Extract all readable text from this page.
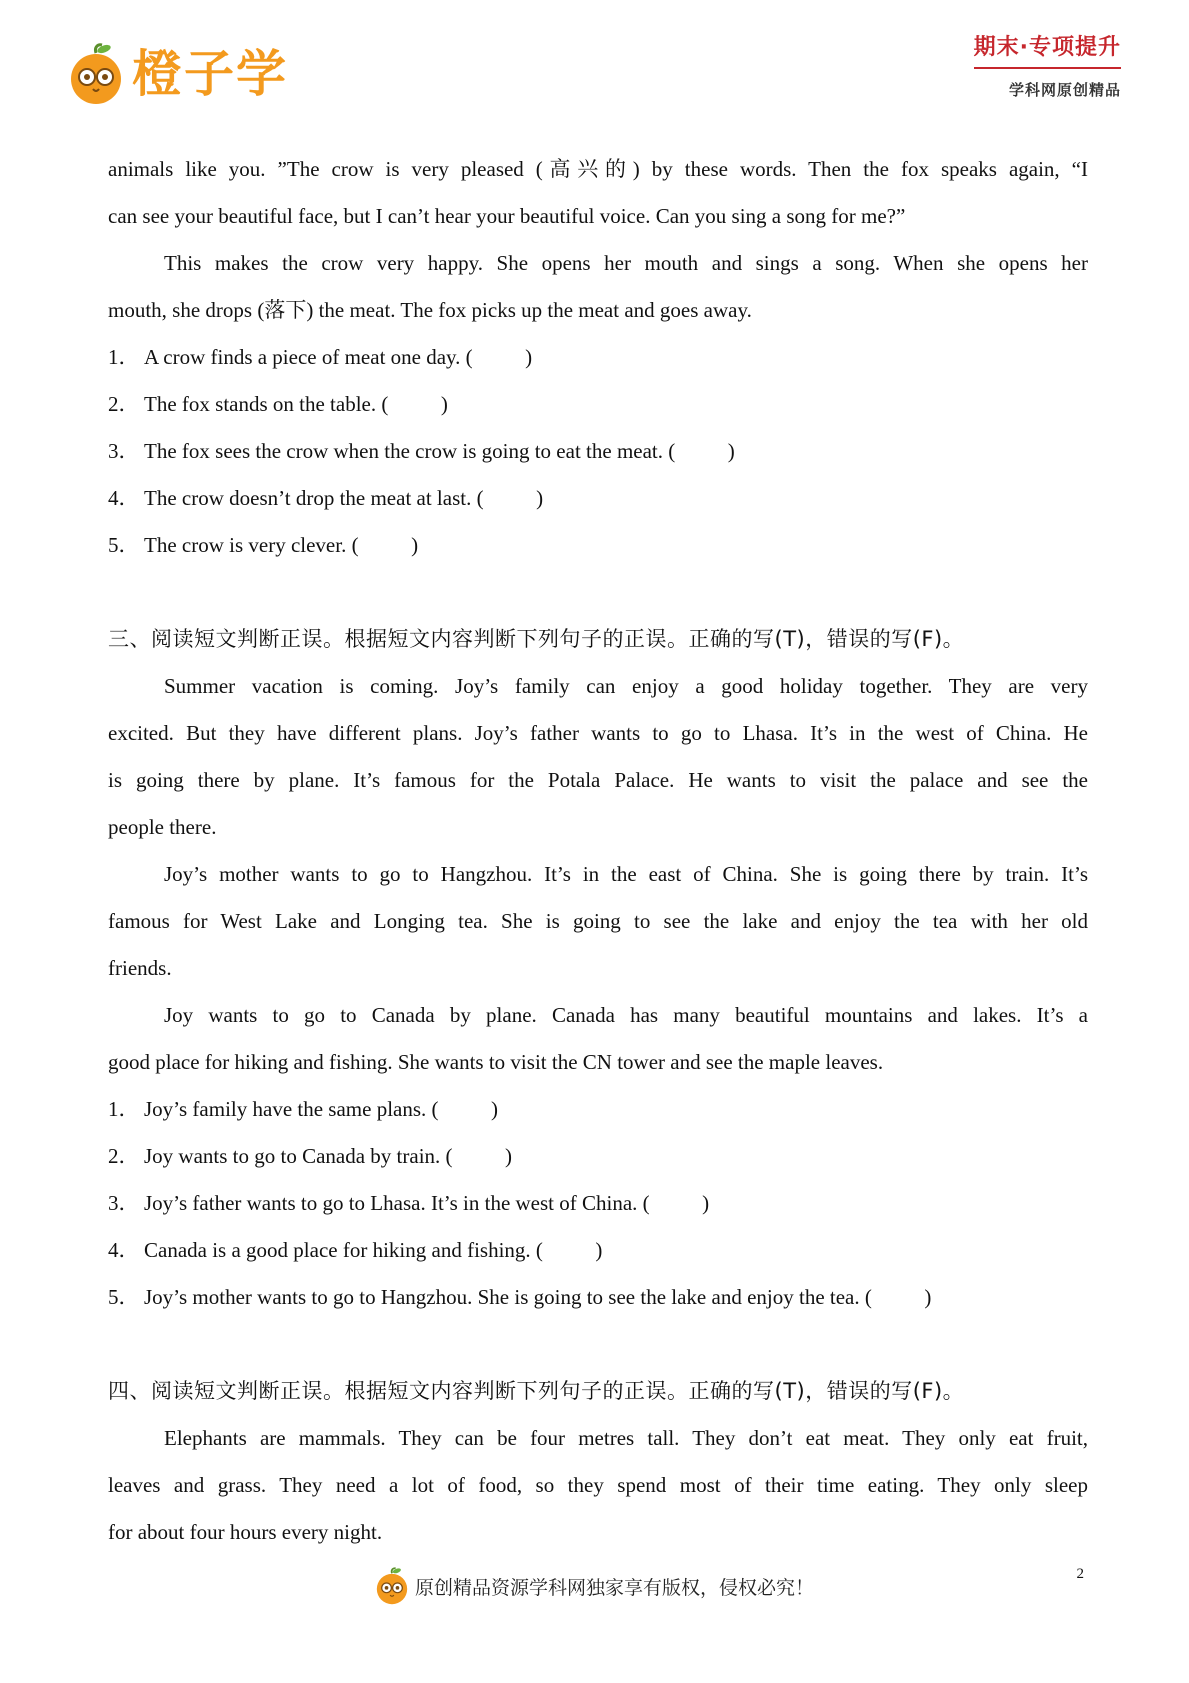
橙子学	期末·专项提升
学科网原创精品
animals like you. ”The crow is very pleased (高兴的) by these words. Then the fox speaks again, “I
can see your beautiful face, but I can’t hear your beautiful voice. Can you sing a song for me?”
This makes the crow very happy. She opens her mouth and sings a song. When she opens her
mouth, she drops (落下) the meat. The fox picks up the meat and goes away.
1． A crow finds a piece of meat one day. (          )
2． The fox stands on the table. (          )
3． The fox sees the crow when the crow is going to eat the meat. (          )
4． The crow doesn’t drop the meat at last. (          )
5． The crow is very clever. (          )
三、阅读短文判断正误。根据短文内容判断下列句子的正误。正确的写(T)，错误的写(F)。
Summer vacation is coming. Joy’s family can enjoy a good holiday together. They are very
excited. But they have different plans. Joy’s father wants to go to Lhasa. It’s in the west of China. He
is going there by plane. It’s famous for the Potala Palace. He wants to visit the palace and see the
people there.
Joy’s mother wants to go to Hangzhou. It’s in the east of China. She is going there by train. It’s
famous for West Lake and Longing tea. She is going to see the lake and enjoy the tea with her old
friends.
Joy wants to go to Canada by plane. Canada has many beautiful mountains and lakes. It’s a
good place for hiking and fishing. She wants to visit the CN tower and see the maple leaves.
1． Joy’s family have the same plans. (          )
2． Joy wants to go to Canada by train. (          )
3． Joy’s father wants to go to Lhasa. It’s in the west of China. (          )
4． Canada is a good place for hiking and fishing. (          )
5． Joy’s mother wants to go to Hangzhou. She is going to see the lake and enjoy the tea. (          )
四、阅读短文判断正误。根据短文内容判断下列句子的正误。正确的写(T)，错误的写(F)。
Elephants are mammals. They can be four metres tall. They don’t eat meat. They only eat fruit,
leaves and grass. They need a lot of food, so they spend most of their time eating. They only sleep
for about four hours every night.
2
原创精品资源学科网独家享有版权，侵权必究！
